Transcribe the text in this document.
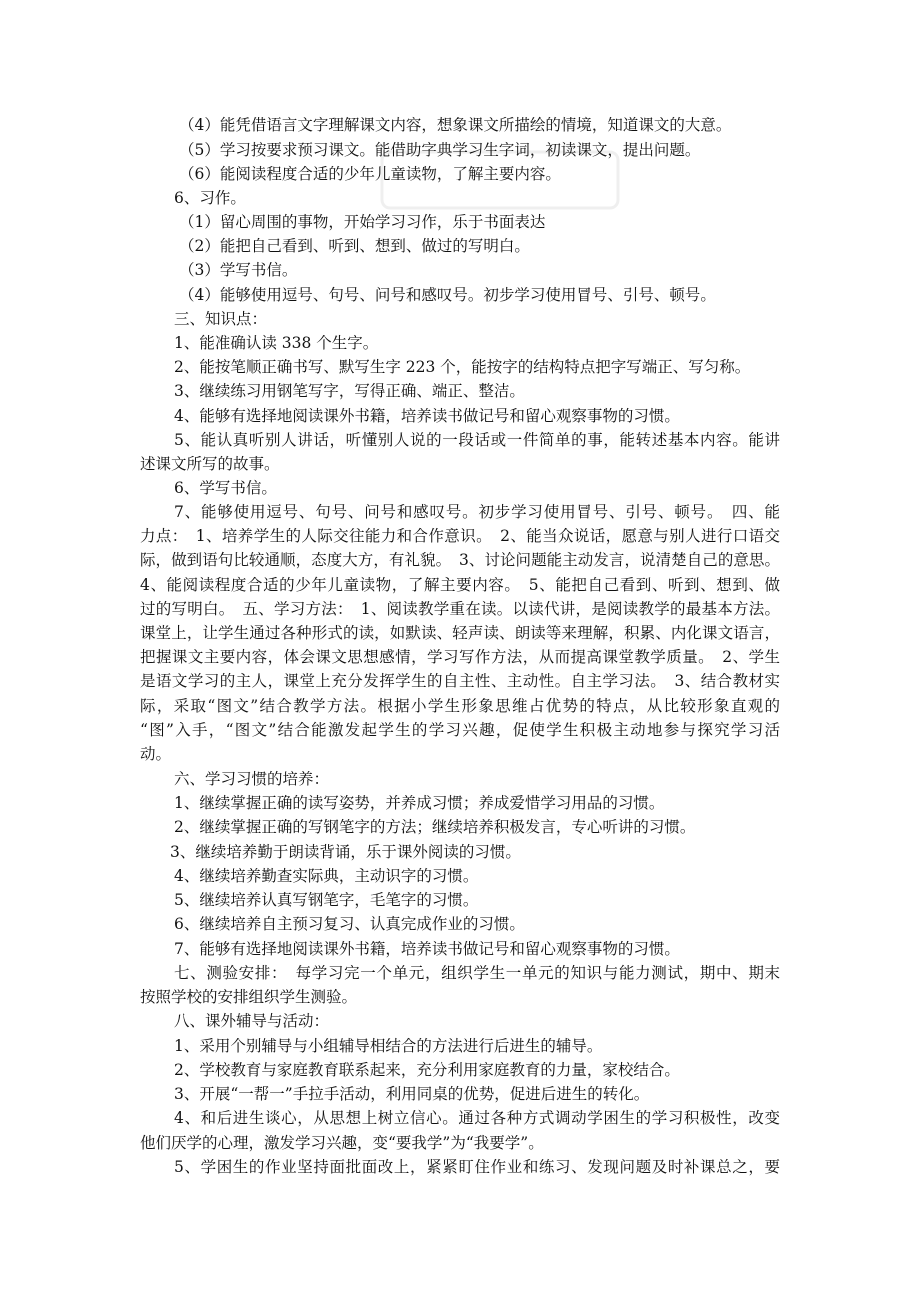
（4）能凭借语言文字理解课文内容，想象课文所描绘的情境，知道课文的大意。
（5）学习按要求预习课文。能借助字典学习生字词，初读课文，提出问题。
（6）能阅读程度合适的少年儿童读物，了解主要内容。
6、习作。
（1）留心周围的事物，开始学习习作，乐于书面表达
（2）能把自己看到、听到、想到、做过的写明白。
（3）学写书信。
（4）能够使用逗号、句号、问号和感叹号。初步学习使用冒号、引号、顿号。
三、知识点：
1、能准确认读 338 个生字。
2、能按笔顺正确书写、默写生字 223 个，能按字的结构特点把字写端正、写匀称。
3、继续练习用钢笔写字，写得正确、端正、整洁。
4、能够有选择地阅读课外书籍，培养读书做记号和留心观察事物的习惯。
5、能认真听别人讲话，听懂别人说的一段话或一件简单的事，能转述基本内容。能讲
述课文所写的故事。
6、学写书信。
7、能够使用逗号、句号、问号和感叹号。初步学习使用冒号、引号、顿号。　四、能
力点：　1、培养学生的人际交往能力和合作意识。　2、能当众说话，愿意与别人进行口语交
际，做到语句比较通顺，态度大方，有礼貌。　3、讨论问题能主动发言，说清楚自己的意思。
4、能阅读程度合适的少年儿童读物，了解主要内容。　5、能把自己看到、听到、想到、做
过的写明白。　五、学习方法：　1、阅读教学重在读。以读代讲，是阅读教学的最基本方法。
课堂上，让学生通过各种形式的读，如默读、轻声读、朗读等来理解，积累、内化课文语言，
把握课文主要内容，体会课文思想感情，学习写作方法，从而提高课堂教学质量。　2、学生
是语文学习的主人，课堂上充分发挥学生的自主性、主动性。自主学习法。　3、结合教材实
际，采取“图文”结合教学方法。根据小学生形象思维占优势的特点，从比较形象直观的
“图”入手，“图文”结合能激发起学生的学习兴趣，促使学生积极主动地参与探究学习活
动。
六、学习习惯的培养：
1、继续掌握正确的读写姿势，并养成习惯；养成爱惜学习用品的习惯。
2、继续掌握正确的写钢笔字的方法；继续培养积极发言，专心听讲的习惯。
3、继续培养勤于朗读背诵，乐于课外阅读的习惯。
4、继续培养勤查实际典，主动识字的习惯。
5、继续培养认真写钢笔字，毛笔字的习惯。
6、继续培养自主预习复习、认真完成作业的习惯。
7、能够有选择地阅读课外书籍，培养读书做记号和留心观察事物的习惯。
七、测验安排：　每学习完一个单元，组织学生一单元的知识与能力测试，期中、期末
按照学校的安排组织学生测验。
八、课外辅导与活动：
1、采用个别辅导与小组辅导相结合的方法进行后进生的辅导。
2、学校教育与家庭教育联系起来，充分利用家庭教育的力量，家校结合。
3、开展“一帮一”手拉手活动，利用同桌的优势，促进后进生的转化。
4、和后进生谈心，从思想上树立信心。通过各种方式调动学困生的学习积极性，改变
他们厌学的心理，激发学习兴趣，变“要我学”为“我要学”。
5、学困生的作业坚持面批面改上，紧紧盯住作业和练习、发现问题及时补课总之，要
